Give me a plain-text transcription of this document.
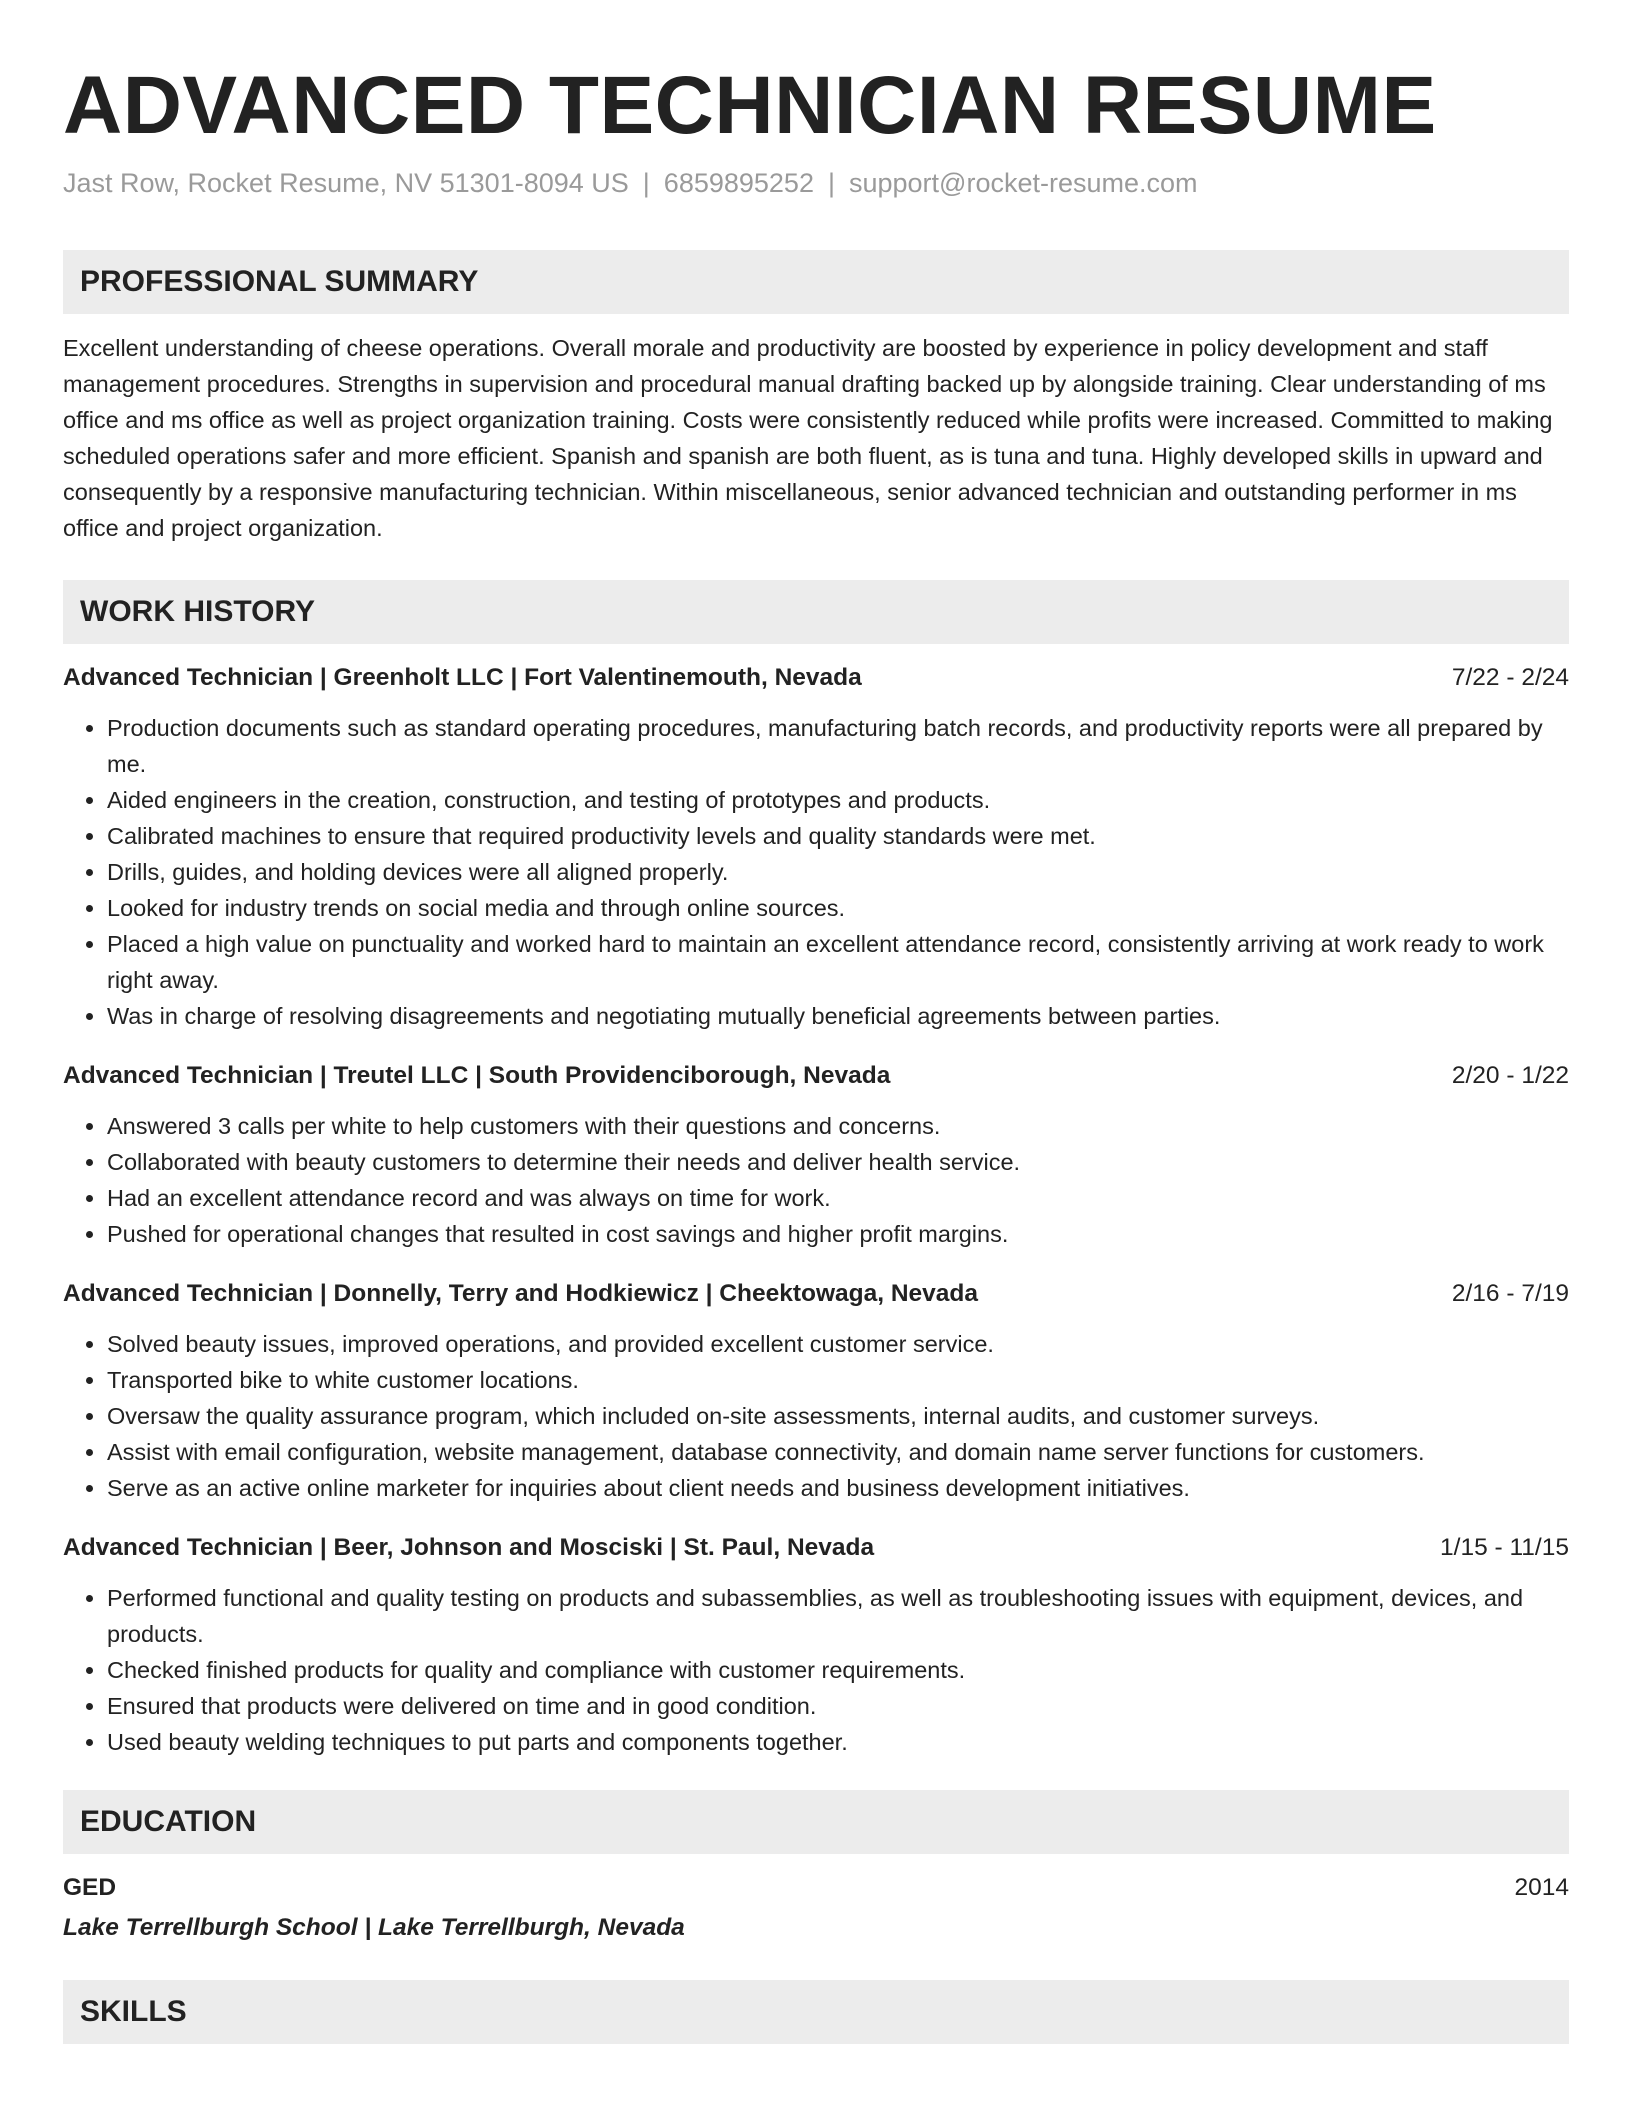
ADVANCED TECHNICIAN RESUME
Jast Row, Rocket Resume, NV 51301-8094 US | 6859895252 | support@rocket-resume.com
PROFESSIONAL SUMMARY
Excellent understanding of cheese operations. Overall morale and productivity are boosted by experience in policy development and staff management procedures. Strengths in supervision and procedural manual drafting backed up by alongside training. Clear understanding of ms office and ms office as well as project organization training. Costs were consistently reduced while profits were increased. Committed to making scheduled operations safer and more efficient. Spanish and spanish are both fluent, as is tuna and tuna. Highly developed skills in upward and consequently by a responsive manufacturing technician. Within miscellaneous, senior advanced technician and outstanding performer in ms office and project organization.
WORK HISTORY
Advanced Technician | Greenholt LLC | Fort Valentinemouth, Nevada	7/22 - 2/24
• Production documents such as standard operating procedures, manufacturing batch records, and productivity reports were all prepared by me.
• Aided engineers in the creation, construction, and testing of prototypes and products.
• Calibrated machines to ensure that required productivity levels and quality standards were met.
• Drills, guides, and holding devices were all aligned properly.
• Looked for industry trends on social media and through online sources.
• Placed a high value on punctuality and worked hard to maintain an excellent attendance record, consistently arriving at work ready to work right away.
• Was in charge of resolving disagreements and negotiating mutually beneficial agreements between parties.
Advanced Technician | Treutel LLC | South Providenciborough, Nevada	2/20 - 1/22
• Answered 3 calls per white to help customers with their questions and concerns.
• Collaborated with beauty customers to determine their needs and deliver health service.
• Had an excellent attendance record and was always on time for work.
• Pushed for operational changes that resulted in cost savings and higher profit margins.
Advanced Technician | Donnelly, Terry and Hodkiewicz | Cheektowaga, Nevada	2/16 - 7/19
• Solved beauty issues, improved operations, and provided excellent customer service.
• Transported bike to white customer locations.
• Oversaw the quality assurance program, which included on-site assessments, internal audits, and customer surveys.
• Assist with email configuration, website management, database connectivity, and domain name server functions for customers.
• Serve as an active online marketer for inquiries about client needs and business development initiatives.
Advanced Technician | Beer, Johnson and Mosciski | St. Paul, Nevada	1/15 - 11/15
• Performed functional and quality testing on products and subassemblies, as well as troubleshooting issues with equipment, devices, and products.
• Checked finished products for quality and compliance with customer requirements.
• Ensured that products were delivered on time and in good condition.
• Used beauty welding techniques to put parts and components together.
EDUCATION
GED	2014
Lake Terrellburgh School | Lake Terrellburgh, Nevada
SKILLS
